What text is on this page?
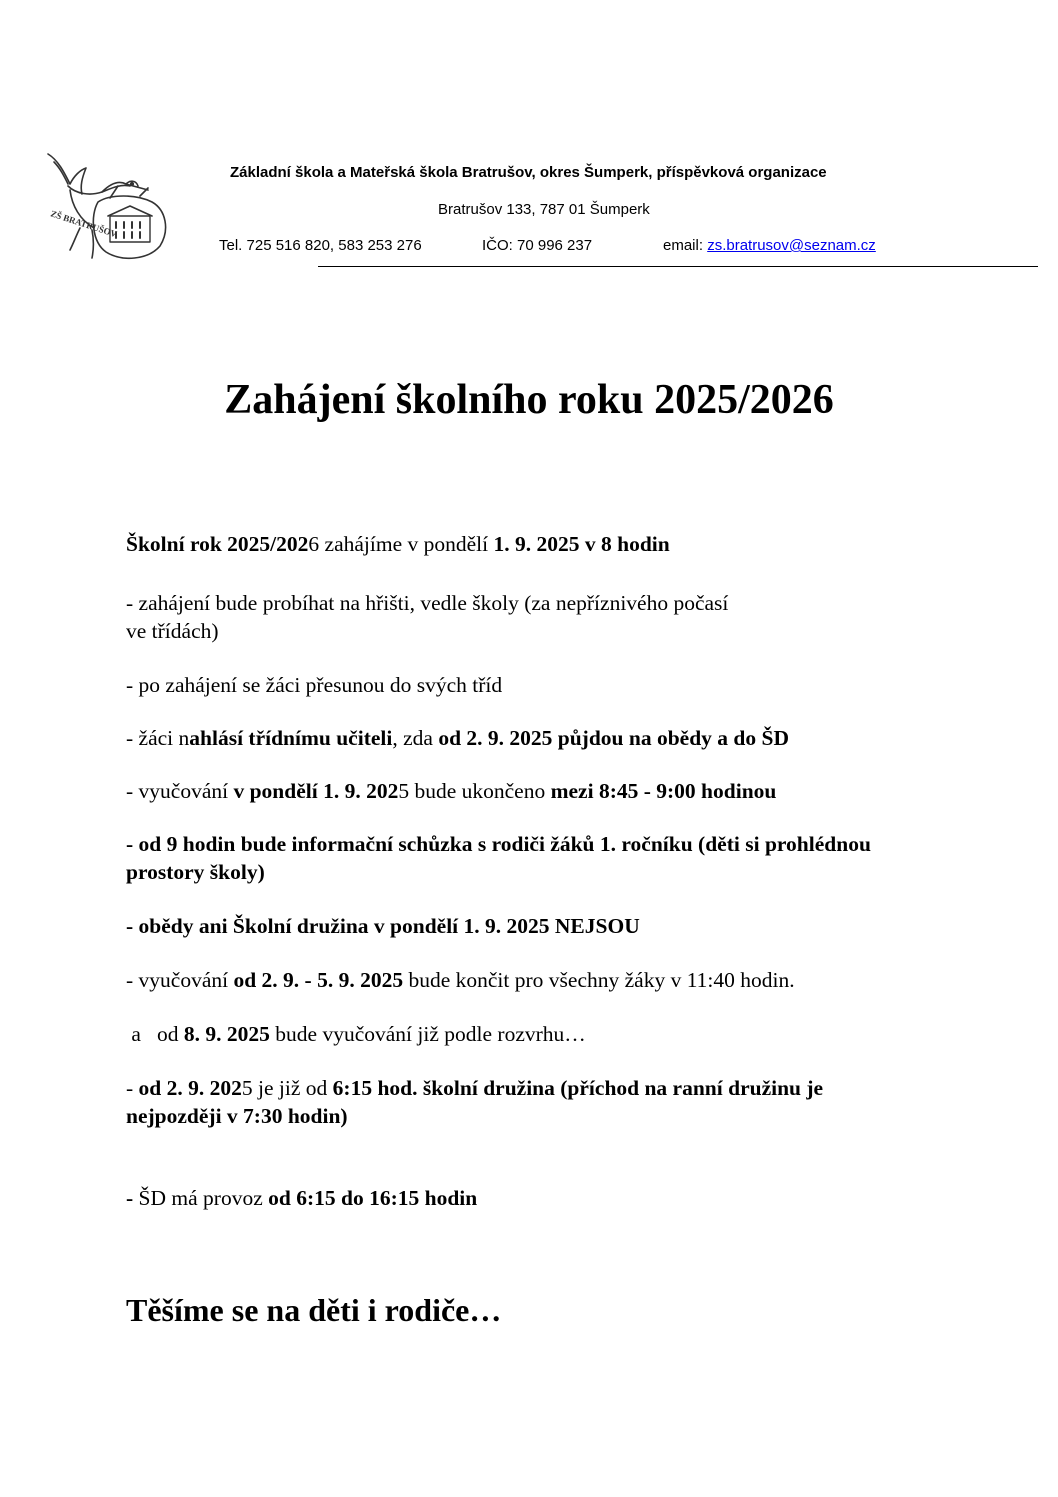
ZŠ BRATRUŠOV
Základní škola a Mateřská škola Bratrušov, okres Šumperk, příspěvková organizace
Bratrušov 133, 787 01 Šumperk
Tel. 725 516 820, 583 253 276	IČO: 70 996 237	email: zs.bratrusov@seznam.cz
Zahájení školního roku 2025/2026
Školní rok 2025/2026 zahájíme v pondělí 1. 9. 2025 v 8 hodin
- zahájení bude probíhat na hřišti, vedle školy (za nepříznivého počasí
ve třídách)
- po zahájení se žáci přesunou do svých tříd
- žáci nahlásí třídnímu učiteli, zda od 2. 9. 2025 půjdou na obědy a do ŠD
- vyučování v pondělí 1. 9. 2025 bude ukončeno mezi 8:45 - 9:00 hodinou
- od 9 hodin bude informační schůzka s rodiči žáků 1. ročníku (děti si prohlédnou prostory školy)
- obědy ani Školní družina v pondělí 1. 9. 2025 NEJSOU
- vyučování od 2. 9. - 5. 9. 2025 bude končit pro všechny žáky v 11:40 hodin.
a   od 8. 9. 2025 bude vyučování již podle rozvrhu…
- od 2. 9. 2025 je již od 6:15 hod. školní družina (příchod na ranní družinu je nejpozději v 7:30 hodin)
- ŠD má provoz od 6:15 do 16:15 hodin
Těšíme se na děti i rodiče…
